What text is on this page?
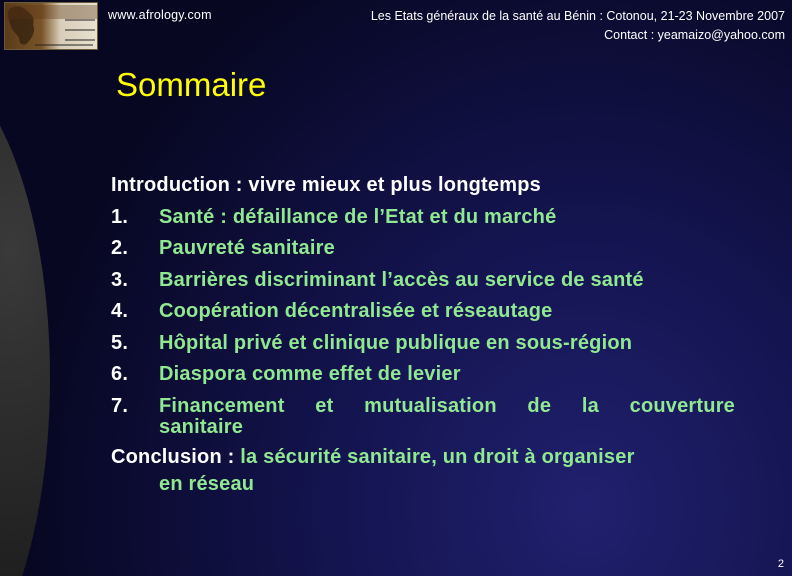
www.afrology.com	Les Etats généraux de la santé au Bénin : Cotonou, 21-23 Novembre 2007
Contact : yeamaizo@yahoo.com
Sommaire
Introduction : vivre mieux et plus longtemps
1. Santé : défaillance de l’Etat et du marché
2. Pauvreté sanitaire
3. Barrières discriminant l’accès au service de santé
4. Coopération décentralisée et réseautage
5. Hôpital privé et clinique publique en sous-région
6. Diaspora comme effet de levier
7.	Financement et mutualisation de la couverture
sanitaire
Conclusion : la sécurité sanitaire, un droit à organiser
en réseau
2
